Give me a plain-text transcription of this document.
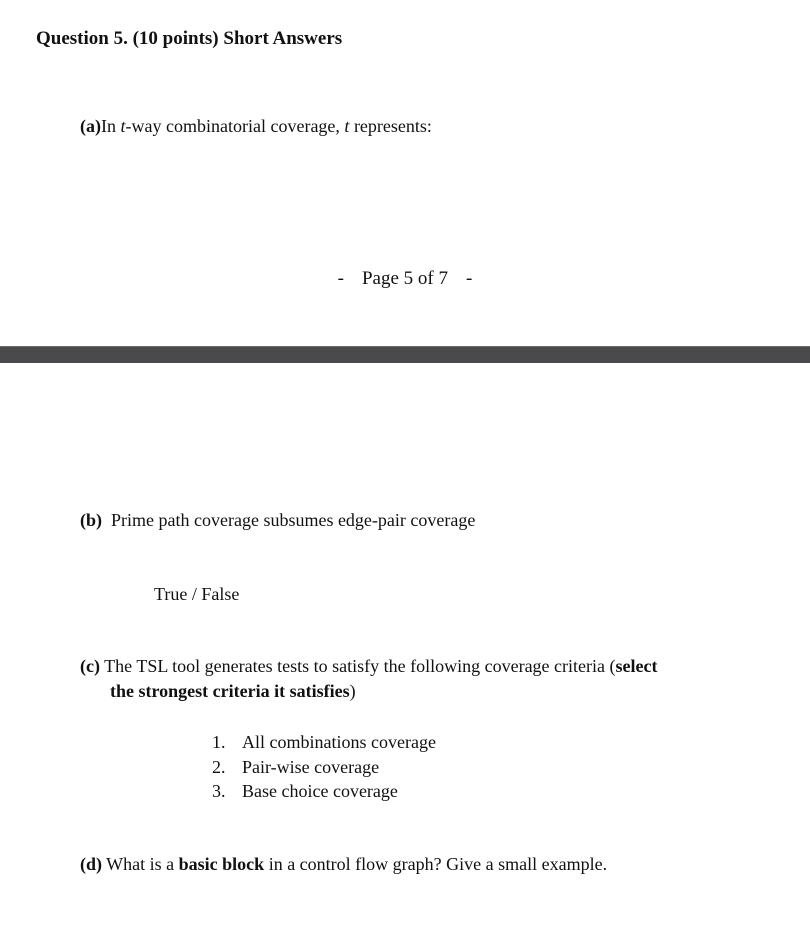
Question 5. (10 points) Short Answers
(a)In t-way combinatorial coverage, t represents:
- Page 5 of 7 -
(b) Prime path coverage subsumes edge-pair coverage
True / False
(c) The TSL tool generates tests to satisfy the following coverage criteria (select
the strongest criteria it satisfies)
1. All combinations coverage
2. Pair-wise coverage
3. Base choice coverage
(d) What is a basic block in a control flow graph? Give a small example.
